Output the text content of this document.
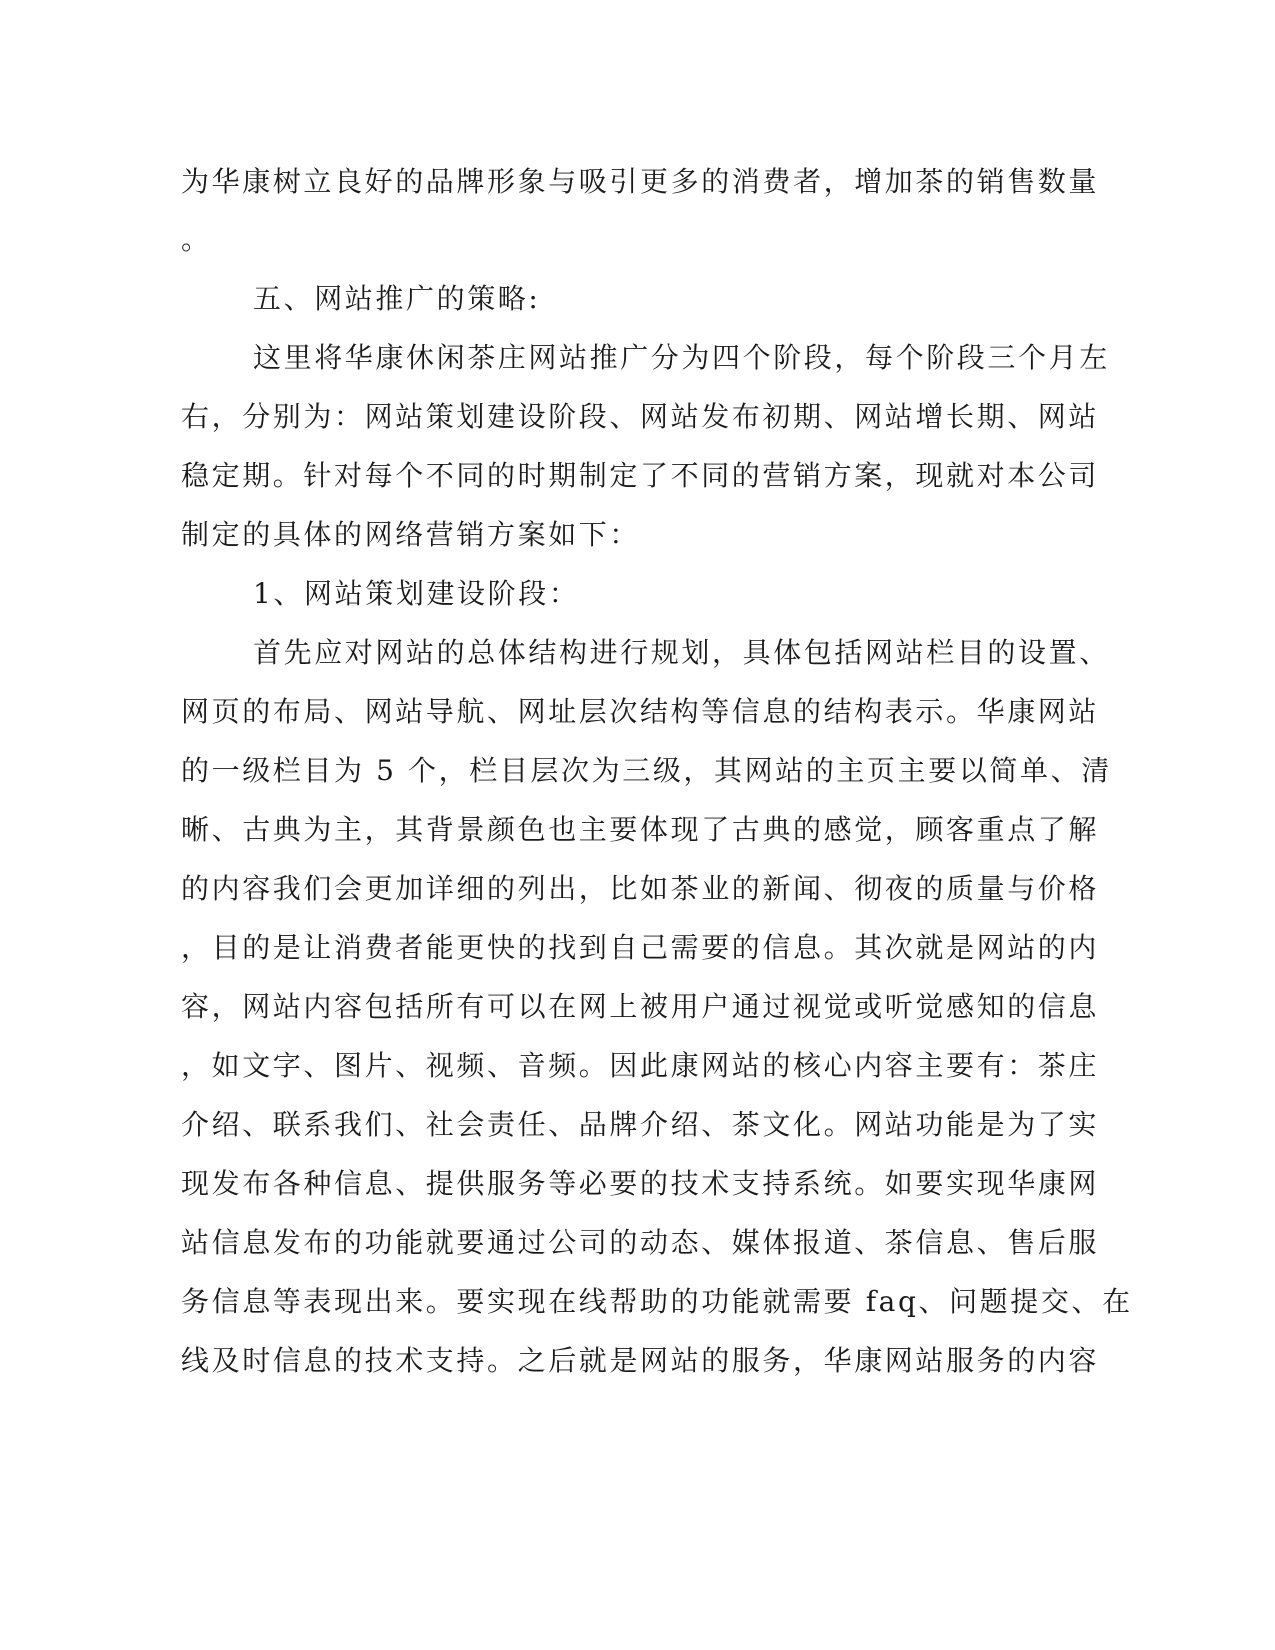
为华康树立良好的品牌形象与吸引更多的消费者，增加茶的销售数量
。
五、网站推广的策略:
这里将华康休闲茶庄网站推广分为四个阶段，每个阶段三个月左
右，分别为：网站策划建设阶段、网站发布初期、网站增长期、网站
稳定期。针对每个不同的时期制定了不同的营销方案，现就对本公司
制定的具体的网络营销方案如下：
1、网站策划建设阶段：
首先应对网站的总体结构进行规划，具体包括网站栏目的设置、
网页的布局、网站导航、网址层次结构等信息的结构表示。华康网站
的一级栏目为 5 个，栏目层次为三级，其网站的主页主要以简单、清
晰、古典为主，其背景颜色也主要体现了古典的感觉，顾客重点了解
的内容我们会更加详细的列出，比如茶业的新闻、彻夜的质量与价格
，目的是让消费者能更快的找到自己需要的信息。其次就是网站的内
容，网站内容包括所有可以在网上被用户通过视觉或听觉感知的信息
，如文字、图片、视频、音频。因此康网站的核心内容主要有：茶庄
介绍、联系我们、社会责任、品牌介绍、茶文化。网站功能是为了实
现发布各种信息、提供服务等必要的技术支持系统。如要实现华康网
站信息发布的功能就要通过公司的动态、媒体报道、茶信息、售后服
务信息等表现出来。要实现在线帮助的功能就需要 faq、问题提交、在
线及时信息的技术支持。之后就是网站的服务，华康网站服务的内容
